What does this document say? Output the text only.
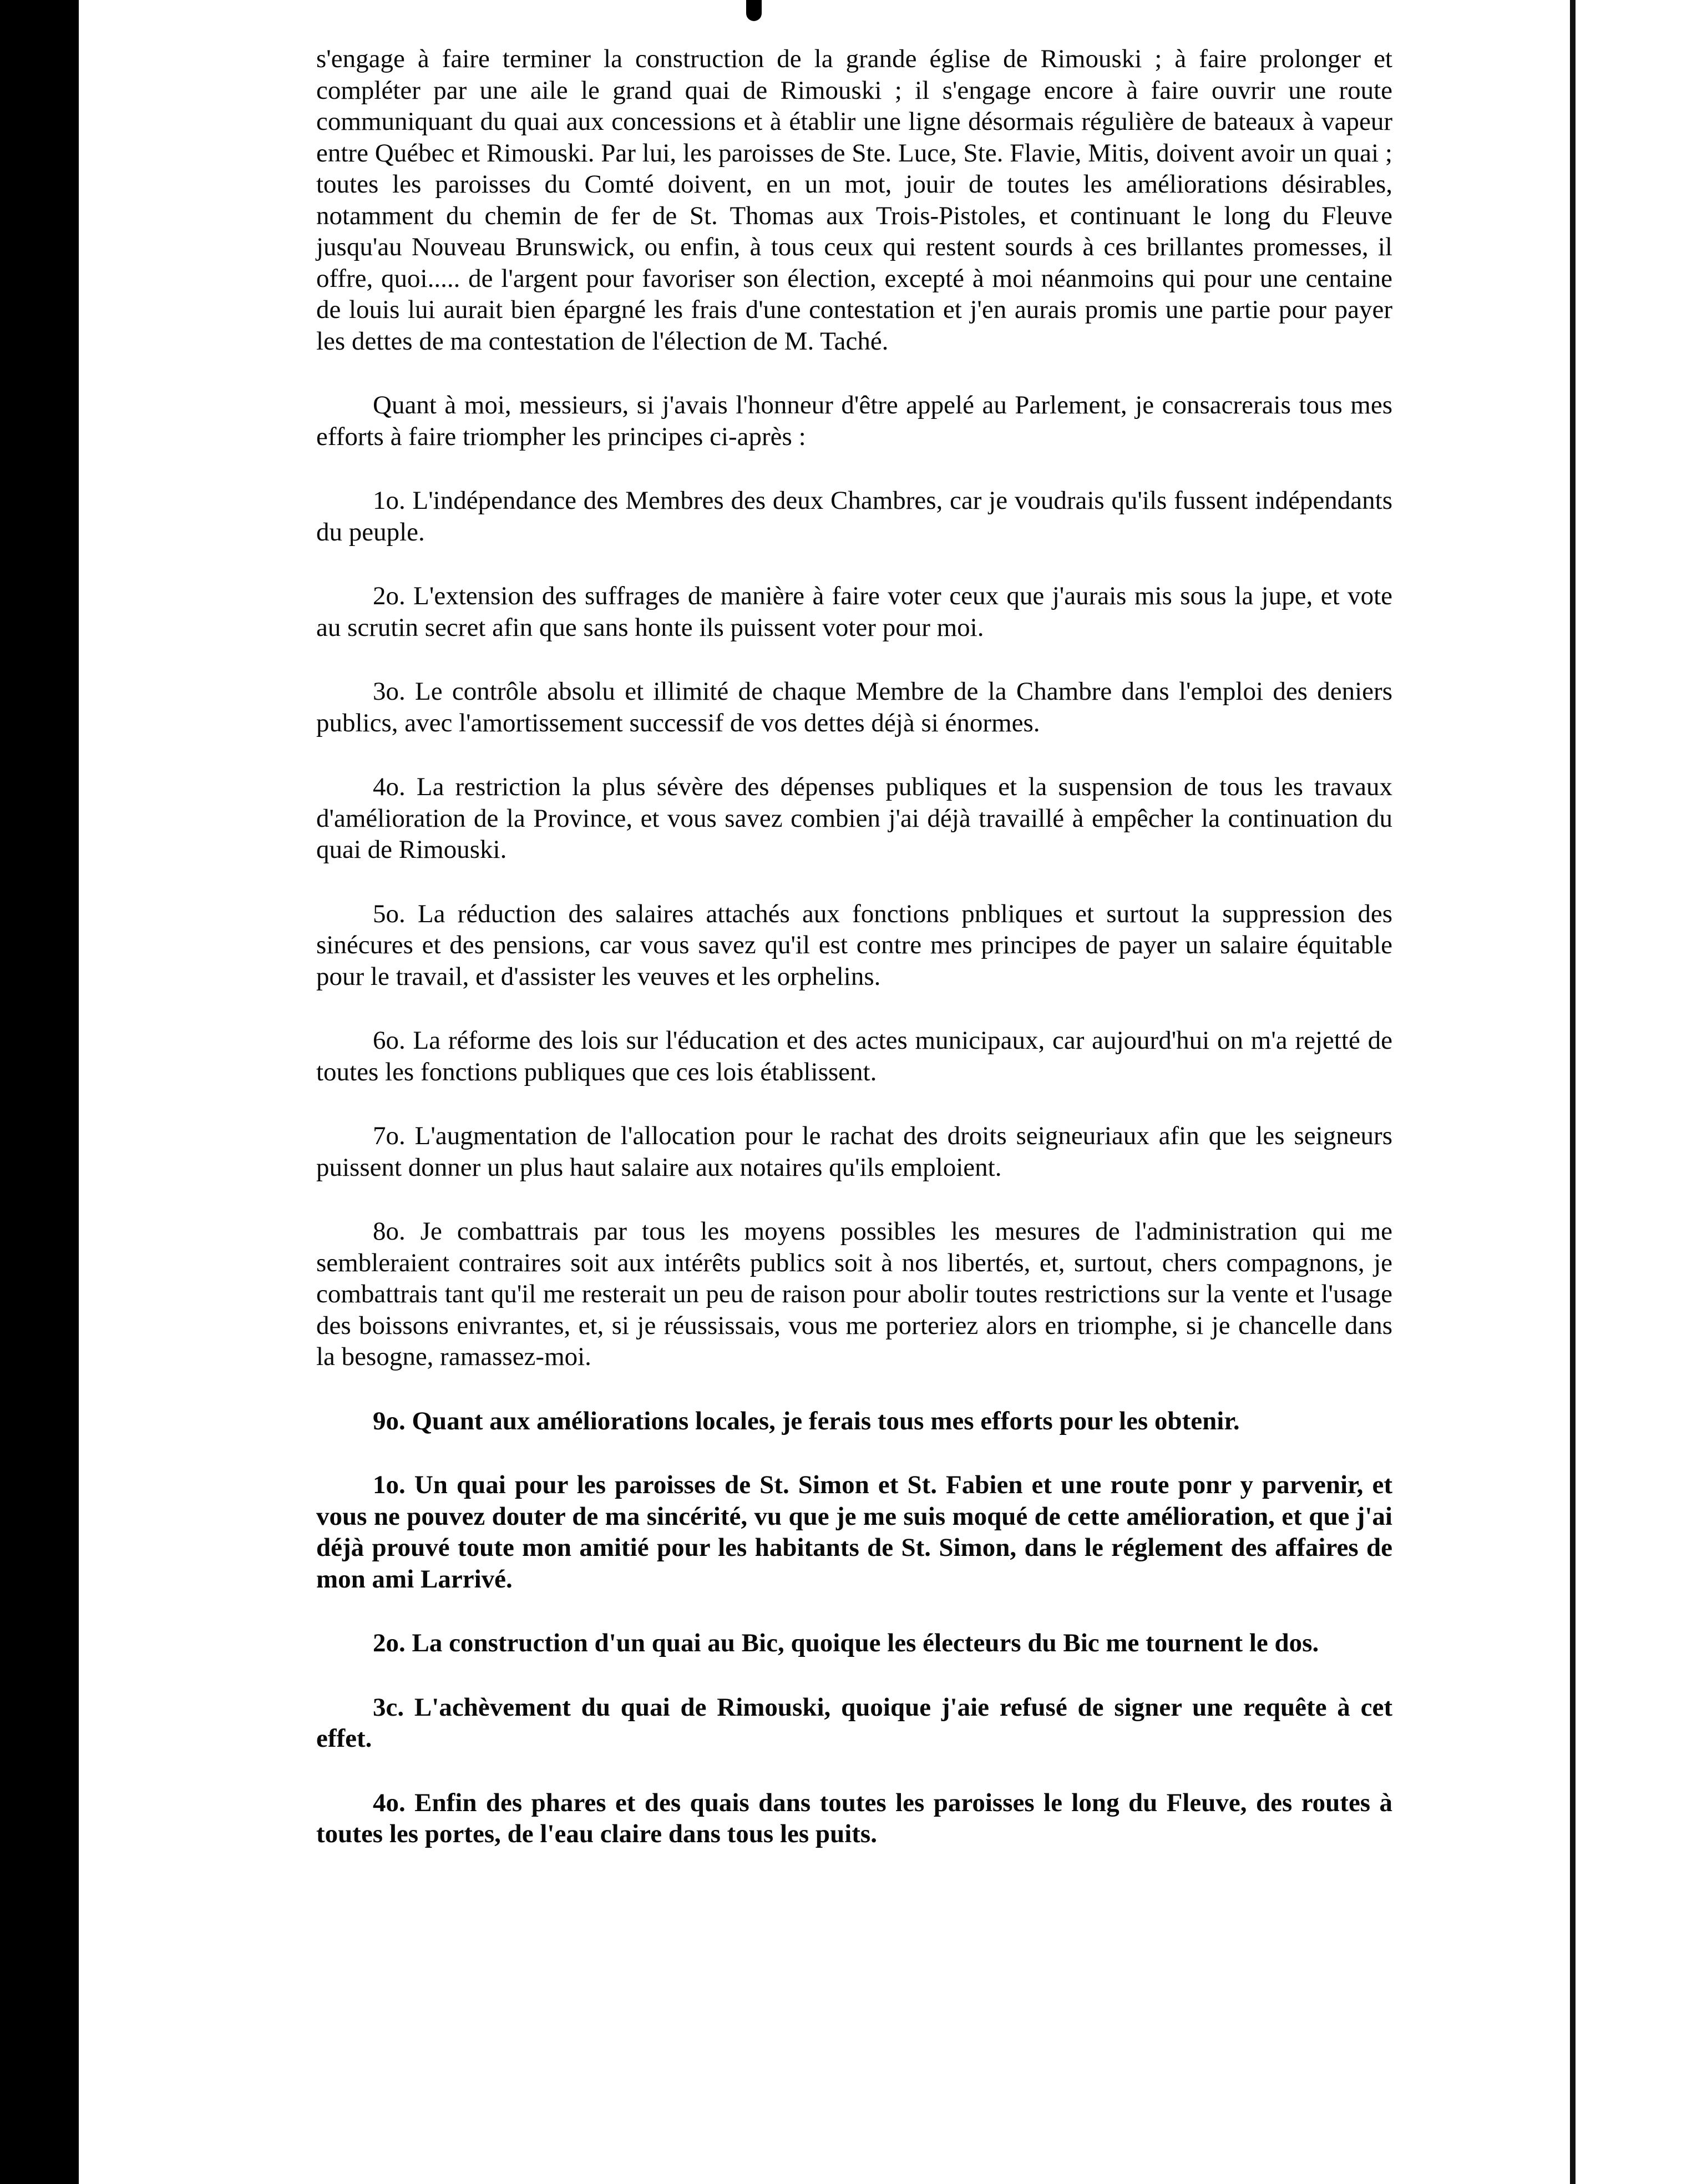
s'engage à faire terminer la construction de la grande église de Rimouski ; à faire prolonger et compléter par une aile le grand quai de Rimouski ; il s'engage encore à faire ouvrir une route communiquant du quai aux concessions et à établir une ligne désormais régulière de bateaux à vapeur entre Québec et Rimouski. Par lui, les paroisses de Ste. Luce, Ste. Flavie, Mitis, doivent avoir un quai ; toutes les paroisses du Comté doivent, en un mot, jouir de toutes les améliorations désirables, notamment du chemin de fer de St. Thomas aux Trois-Pistoles, et continuant le long du Fleuve jusqu'au Nouveau Brunswick, ou enfin, à tous ceux qui restent sourds à ces brillantes promesses, il offre, quoi..... de l'argent pour favoriser son élection, excepté à moi néanmoins qui pour une centaine de louis lui aurait bien épargné les frais d'une contestation et j'en aurais promis une partie pour payer les dettes de ma contestation de l'élection de M. Taché.

Quant à moi, messieurs, si j'avais l'honneur d'être appelé au Parlement, je consacrerais tous mes efforts à faire triompher les principes ci-après :

1o. L'indépendance des Membres des deux Chambres, car je voudrais qu'ils fussent indépendants du peuple.

2o. L'extension des suffrages de manière à faire voter ceux que j'aurais mis sous la jupe, et vote au scrutin secret afin que sans honte ils puissent voter pour moi.

3o. Le contrôle absolu et illimité de chaque Membre de la Chambre dans l'emploi des deniers publics, avec l'amortissement successif de vos dettes déjà si énormes.

4o. La restriction la plus sévère des dépenses publiques et la suspension de tous les travaux d'amélioration de la Province, et vous savez combien j'ai déjà travaillé à empêcher la continuation du quai de Rimouski.

5o. La réduction des salaires attachés aux fonctions pnbliques et surtout la suppression des sinécures et des pensions, car vous savez qu'il est contre mes principes de payer un salaire équitable pour le travail, et d'assister les veuves et les orphelins.

6o. La réforme des lois sur l'éducation et des actes municipaux, car aujourd'hui on m'a rejetté de toutes les fonctions publiques que ces lois établissent.

7o. L'augmentation de l'allocation pour le rachat des droits seigneuriaux afin que les seigneurs puissent donner un plus haut salaire aux notaires qu'ils emploient.

8o. Je combattrais par tous les moyens possibles les mesures de l'administration qui me sembleraient contraires soit aux intérêts publics soit à nos libertés, et, surtout, chers compagnons, je combattrais tant qu'il me resterait un peu de raison pour abolir toutes restrictions sur la vente et l'usage des boissons enivrantes, et, si je réussissais, vous me porteriez alors en triomphe, si je chancelle dans la besogne, ramassez-moi.

9o. Quant aux améliorations locales, je ferais tous mes efforts pour les obtenir.

1o. Un quai pour les paroisses de St. Simon et St. Fabien et une route ponr y parvenir, et vous ne pouvez douter de ma sincérité, vu que je me suis moqué de cette amélioration, et que j'ai déjà prouvé toute mon amitié pour les habitants de St. Simon, dans le réglement des affaires de mon ami Larrivé.

2o. La construction d'un quai au Bic, quoique les électeurs du Bic me tournent le dos.

3c. L'achèvement du quai de Rimouski, quoique j'aie refusé de signer une requête à cet effet.

4o. Enfin des phares et des quais dans toutes les paroisses le long du Fleuve, des routes à toutes les portes, de l'eau claire dans tous les puits.
